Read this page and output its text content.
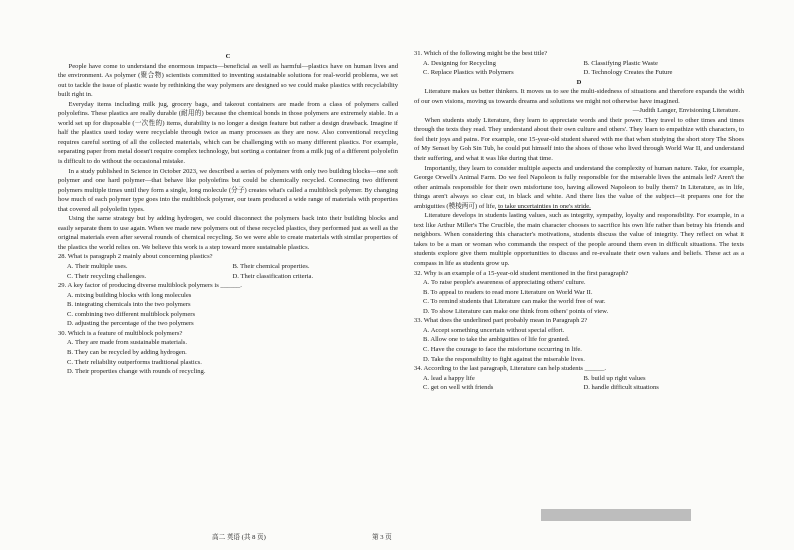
C

People have come to understand the enormous impacts—beneficial as well as harmful—plastics have on human lives and the environment. As polymer (聚合物) scientists committed to inventing sustainable solutions for real-world problems, we set out to tackle the issue of plastic waste by rethinking the way polymers are designed so we could make plastics with recyclability built right in.

Everyday items including milk jug, grocery bags, and takeout containers are made from a class of polymers called polyolefins. These plastics are really durable (耐用的) because the chemical bonds in those polymers are extremely stable. In a world set up for disposable (一次性的) items, durability is no longer a design feature but rather a design drawback. Imagine if half the plastics used today were recyclable through twice as many processes as they are now. Also conventional recycling requires careful sorting of all the collected materials, which can be challenging with so many different plastics. For example, separating paper from metal doesn't require complex technology, but sorting a container from a milk jug of a different polyolefin is difficult to do without the occasional mistake.

In a study published in Science in October 2023, we described a series of polymers with only two building blocks—one soft polymer and one hard polymer—that behave like polyolefins but could be chemically recycled. Connecting two different polymers multiple times until they form a single, long molecule (分子) creates what's called a multiblock polymer. By changing how much of each polymer type goes into the multiblock polymer, our team produced a wide range of materials with properties that covered all polyolefin types.

Using the same strategy but by adding hydrogen, we could disconnect the polymers back into their building blocks and easily separate them to use again. When we made new polymers out of these recycled plastics, they performed just as well as the original materials even after several rounds of chemical recycling. So we were able to create materials with similar properties of the plastics the world relies on. We believe this work is a step toward more sustainable plastics.

28. What is paragraph 2 mainly about concerning plastics?
A. Their multiple uses.	B. Their chemical properties.
C. Their recycling challenges.	D. Their classification criteria.
29. A key factor of producing diverse multiblock polymers is ______.
A. mixing building blocks with long molecules
B. integrating chemicals into the two polymers
C. combining two different multiblock polymers
D. adjusting the percentage of the two polymers
30. Which is a feature of multiblock polymers?
A. They are made from sustainable materials.
B. They can be recycled by adding hydrogen.
C. Their reliability outperforms traditional plastics.
D. Their properties change with rounds of recycling.
31. Which of the following might be the best title?
A. Designing for Recycling	B. Classifying Plastic Waste
C. Replace Plastics with Polymers	D. Technology Creates the Future
D

Literature makes us better thinkers. It moves us to see the multi-sidedness of situations and therefore expands the width of our own visions, moving us towards dreams and solutions we might not otherwise have imagined.

—Judith Langer, Envisioning Literature.

When students study Literature, they learn to appreciate words and their power. They travel to other times and times through the texts they read. They understand about their own culture and others'. They learn to empathize with characters, to feel their joys and pains. For example, one 15-year-old student shared with me that when studying the short story The Shoes of My Sensei by Goh Sin Tub, he could put himself into the shoes of those who lived through World War II, and understand their suffering, and what it was like during that time.

Importantly, they learn to consider multiple aspects and understand the complexity of human nature. Take, for example, George Orwell's Animal Farm. Do we feel Napoleon is fully responsible for the miserable lives the animals led? Aren't the other animals responsible for their own misfortune too, having allowed Napoleon to bully them? In Literature, as in life, things aren't always so clear cut, in black and white. And there lies the value of the subject—it prepares one for the ambiguities (模棱两可) of life, to take uncertainties in one's stride.

Literature develops in students lasting values, such as integrity, sympathy, loyalty and responsibility. For example, in a text like Arthur Miller's The Crucible, the main character chooses to sacrifice his own life rather than betray his friends and neighbors. When considering this character's motivations, students discuss the value of integrity. They reflect on what it takes to be a man or woman who commands the respect of the people around them even in difficult situations. The texts students explore give them multiple opportunities to discuss and re-evaluate their own values and beliefs. These act as a compass in life as students grow up.

32. Why is an example of a 15-year-old student mentioned in the first paragraph?
A. To raise people's awareness of appreciating others' culture.
B. To appeal to readers to read more Literature on World War II.
C. To remind students that Literature can make the world free of war.
D. To show Literature can make one think from others' points of view.
33. What does the underlined part probably mean in Paragraph 2?
A. Accept something uncertain without special effort.
B. Allow one to take the ambiguities of life for granted.
C. Have the courage to face the misfortune occurring in life.
D. Take the responsibility to fight against the miserable lives.
34. According to the last paragraph, Literature can help students ______.
A. lead a happy life	B. build up right values
C. get on well with friends	D. handle difficult situations
高二 英语 (共 8 页)	第 3 页
